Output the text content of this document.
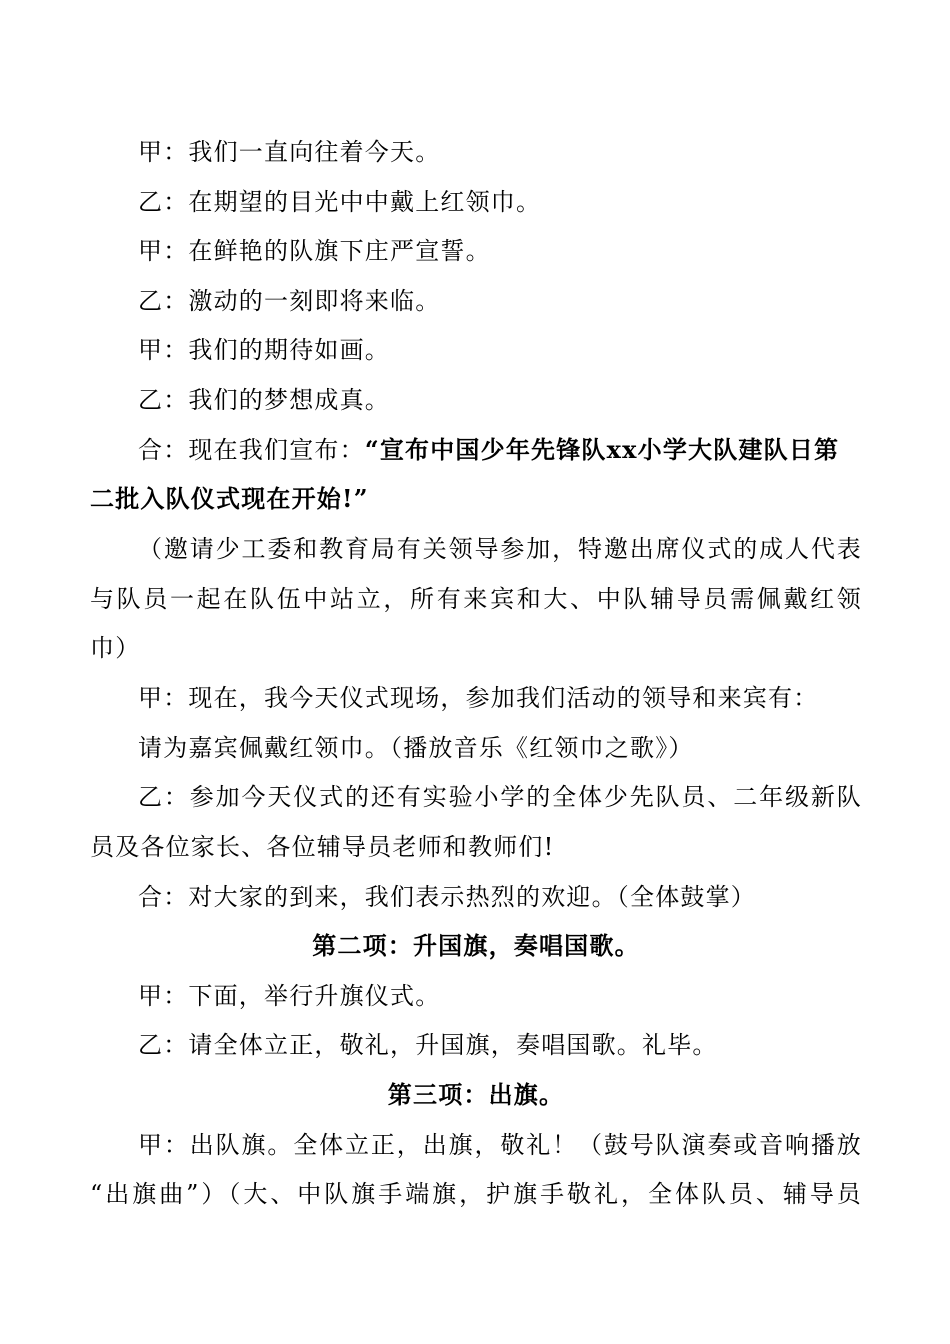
甲：我们一直向往着今天。
乙：在期望的目光中中戴上红领巾。
甲：在鲜艳的队旗下庄严宣誓。
乙：激动的一刻即将来临。
甲：我们的期待如画。
乙：我们的梦想成真。
合：现在我们宣布：“宣布中国少年先锋队xx小学大队建队日第
二批入队仪式现在开始!”
（邀请少工委和教育局有关领导参加，特邀出席仪式的成人代表
与队员一起在队伍中站立，所有来宾和大、中队辅导员需佩戴红领
巾）
甲：现在，我今天仪式现场，参加我们活动的领导和来宾有：
请为嘉宾佩戴红领巾。（播放音乐《红领巾之歌》）
乙：参加今天仪式的还有实验小学的全体少先队员、二年级新队
员及各位家长、各位辅导员老师和教师们!
合：对大家的到来，我们表示热烈的欢迎。（全体鼓掌）
第二项：升国旗，奏唱国歌。
甲：下面，举行升旗仪式。
乙：请全体立正，敬礼，升国旗，奏唱国歌。礼毕。
第三项：出旗。
甲：出队旗。全体立正，出旗，敬礼！（鼓号队演奏或音响播放
“出旗曲”）（大、中队旗手端旗，护旗手敬礼，全体队员、辅导员
